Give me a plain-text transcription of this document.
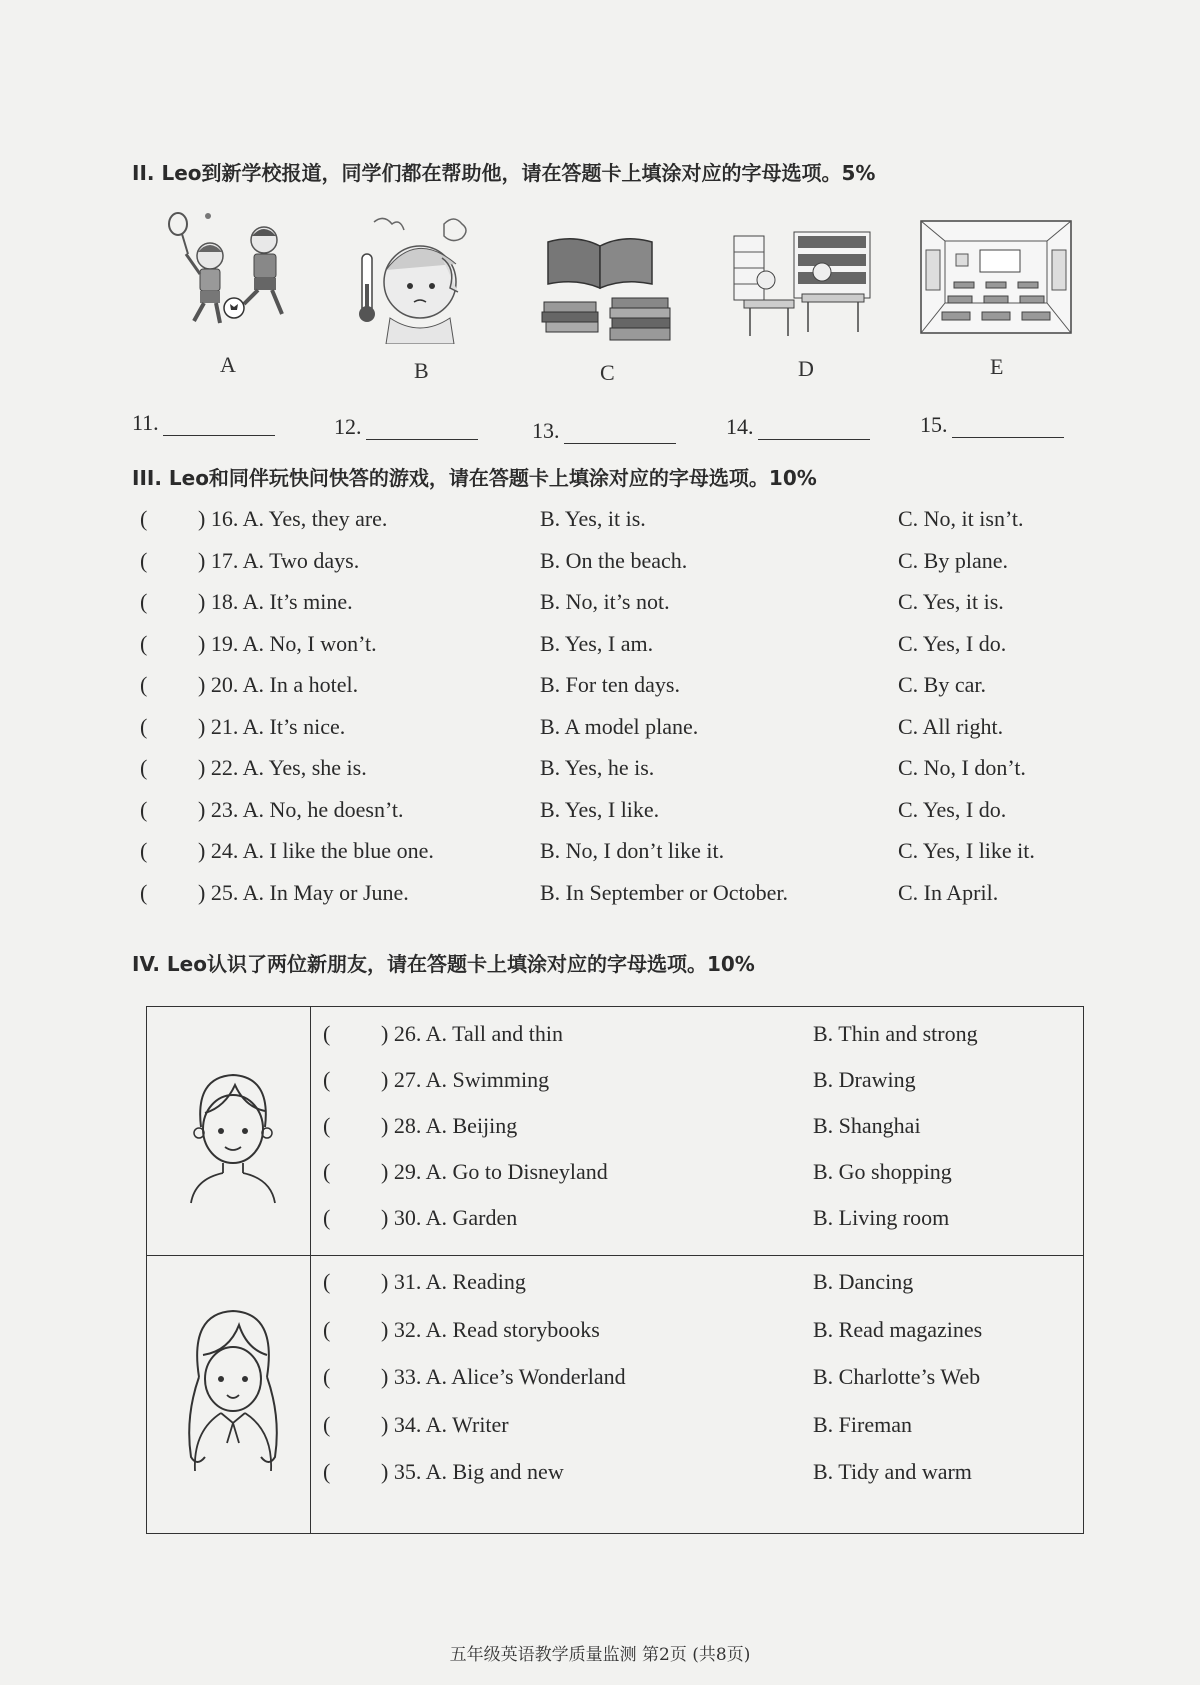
II. Leo到新学校报道，同学们都在帮助他，请在答题卡上填涂对应的字母选项。5%
A	B	C	D	E
11.	12.	13.	14.	15.
III. Leo和同伴玩快问快答的游戏，请在答题卡上填涂对应的字母选项。10%
( ) 16. A. Yes, they are.	B. Yes, it is.	C. No, it isn’t.
( ) 17. A. Two days.	B. On the beach.	C. By plane.
( ) 18. A. It’s mine.	B. No, it’s not.	C. Yes, it is.
( ) 19. A. No, I won’t.	B. Yes, I am.	C. Yes, I do.
( ) 20. A. In a hotel.	B. For ten days.	C. By car.
( ) 21. A. It’s nice.	B. A model plane.	C. All right.
( ) 22. A. Yes, she is.	B. Yes, he is.	C. No, I don’t.
( ) 23. A. No, he doesn’t.	B. Yes, I like.	C. Yes, I do.
( ) 24. A. I like the blue one.	B. No, I don’t like it.	C. Yes, I like it.
( ) 25. A. In May or June.	B. In September or October.	C. In April.
IV. Leo认识了两位新朋友，请在答题卡上填涂对应的字母选项。10%
( ) 26. A. Tall and thin	B. Thin and strong
( ) 27. A. Swimming	B. Drawing
( ) 28. A. Beijing	B. Shanghai
( ) 29. A. Go to Disneyland	B. Go shopping
( ) 30. A. Garden	B. Living room
( ) 31. A. Reading	B. Dancing
( ) 32. A. Read storybooks	B. Read magazines
( ) 33. A. Alice’s Wonderland	B. Charlotte’s Web
( ) 34. A. Writer	B. Fireman
( ) 35. A. Big and new	B. Tidy and warm
五年级英语教学质量监测 第2页 (共8页)
